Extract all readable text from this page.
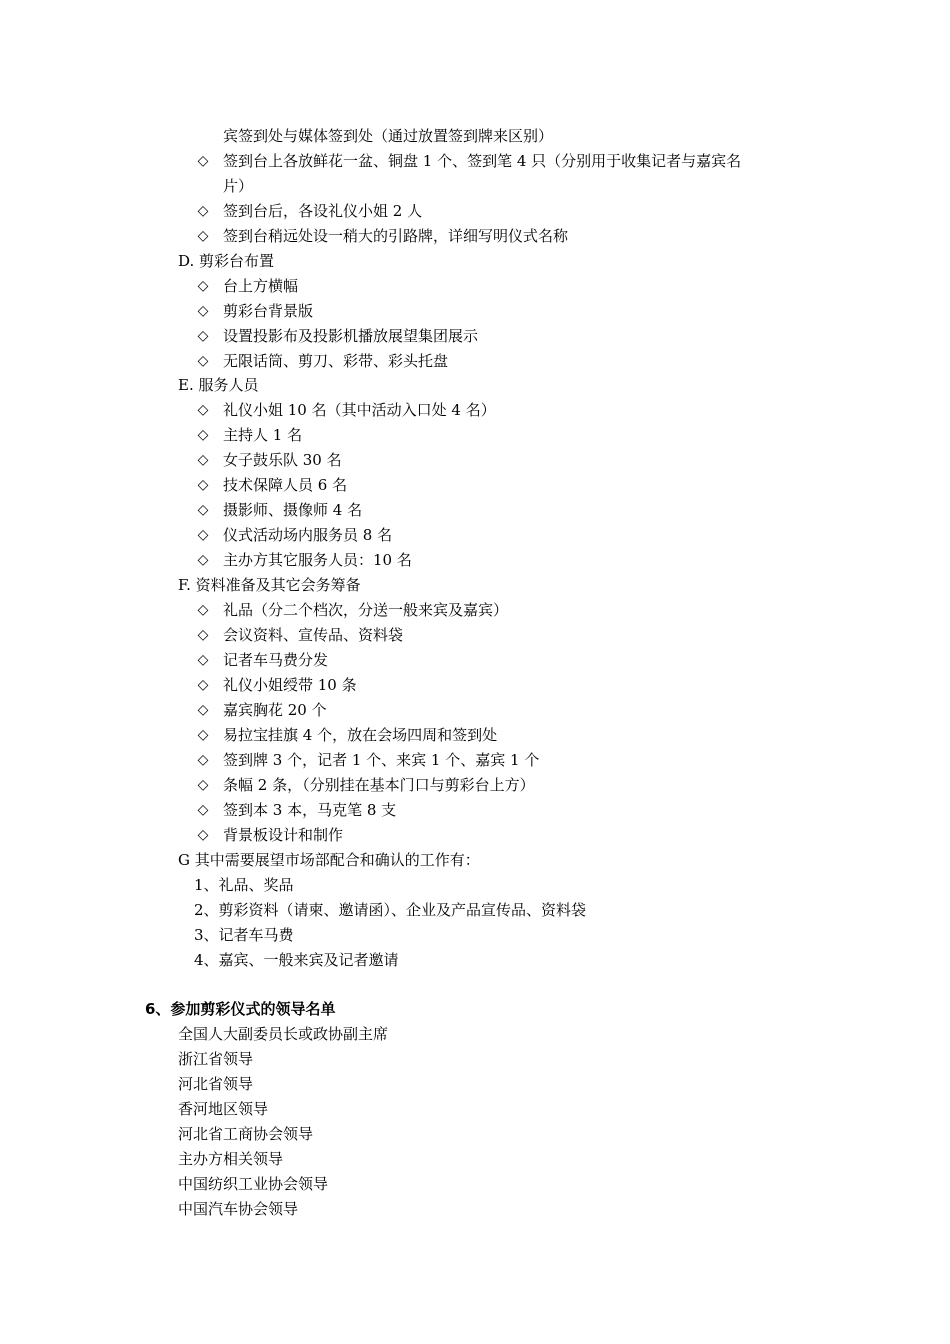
宾签到处与媒体签到处（通过放置签到牌来区别）
◇ 签到台上各放鲜花一盆、铜盘 1 个、签到笔 4 只（分别用于收集记者与嘉宾名
片）
◇ 签到台后，各设礼仪小姐 2 人
◇ 签到台稍远处设一稍大的引路牌，详细写明仪式名称
D. 剪彩台布置
◇ 台上方横幅
◇ 剪彩台背景版
◇ 设置投影布及投影机播放展望集团展示
◇ 无限话筒、剪刀、彩带、彩头托盘
E. 服务人员
◇ 礼仪小姐 10 名（其中活动入口处 4 名）
◇ 主持人 1 名
◇ 女子鼓乐队 30 名
◇ 技术保障人员 6 名
◇ 摄影师、摄像师 4 名
◇ 仪式活动场内服务员 8 名
◇ 主办方其它服务人员：10 名
F. 资料准备及其它会务筹备
◇ 礼品（分二个档次，分送一般来宾及嘉宾）
◇ 会议资料、宣传品、资料袋
◇ 记者车马费分发
◇ 礼仪小姐绶带 10 条
◇ 嘉宾胸花 20 个
◇ 易拉宝挂旗 4 个，放在会场四周和签到处
◇ 签到牌 3 个，记者 1 个、来宾 1 个、嘉宾 1 个
◇ 条幅 2 条，（分别挂在基本门口与剪彩台上方）
◇ 签到本 3 本，马克笔 8 支
◇ 背景板设计和制作
G 其中需要展望市场部配合和确认的工作有：
1、礼品、奖品
2、剪彩资料（请柬、邀请函）、企业及产品宣传品、资料袋
3、记者车马费
4、嘉宾、一般来宾及记者邀请
6、参加剪彩仪式的领导名单
全国人大副委员长或政协副主席
浙江省领导
河北省领导
香河地区领导
河北省工商协会领导
主办方相关领导
中国纺织工业协会领导
中国汽车协会领导
